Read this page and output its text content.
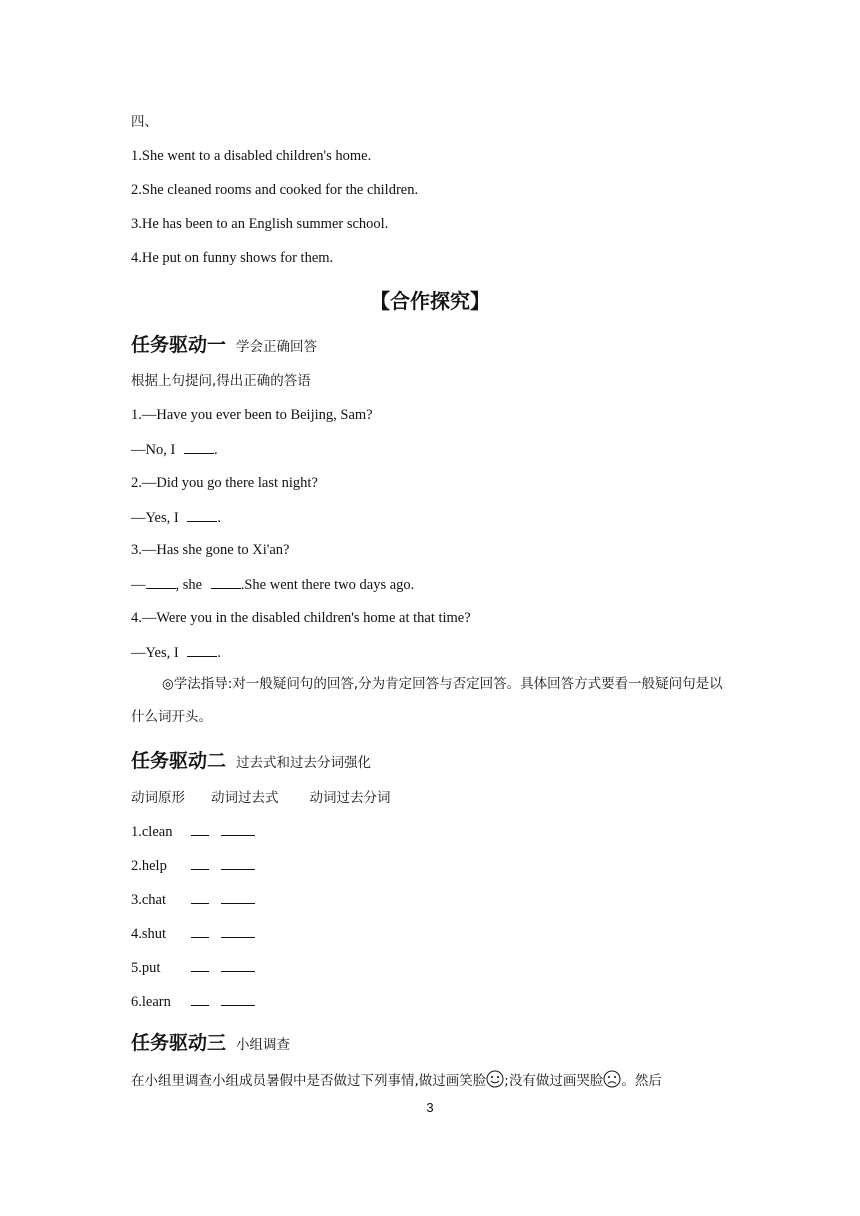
四、
1.She went to a disabled children's home.
2.She cleaned rooms and cooked for the children.
3.He has been to an English summer school.
4.He put on funny shows for them.
【合作探究】
任务驱动一 学会正确回答
根据上句提问,得出正确的答语
1.—Have you ever been to Beijing, Sam?
—No, I .
2.—Did you go there last night?
—Yes, I .
3.—Has she gone to Xi'an?
— , she .She went there two days ago.
4.—Were you in the disabled children's home at that time?
—Yes, I .
◎学法指导:对一般疑问句的回答,分为肯定回答与否定回答。具体回答方式要看一般疑问句是以什么词开头。
任务驱动二 过去式和过去分词强化
动词原形 动词过去式 动词过去分词
1.clean
2.help
3.chat
4.shut
5.put
6.learn
任务驱动三 小组调查
在小组里调查小组成员暑假中是否做过下列事情,做过画笑脸 ;没有做过画哭脸 。然后
3
